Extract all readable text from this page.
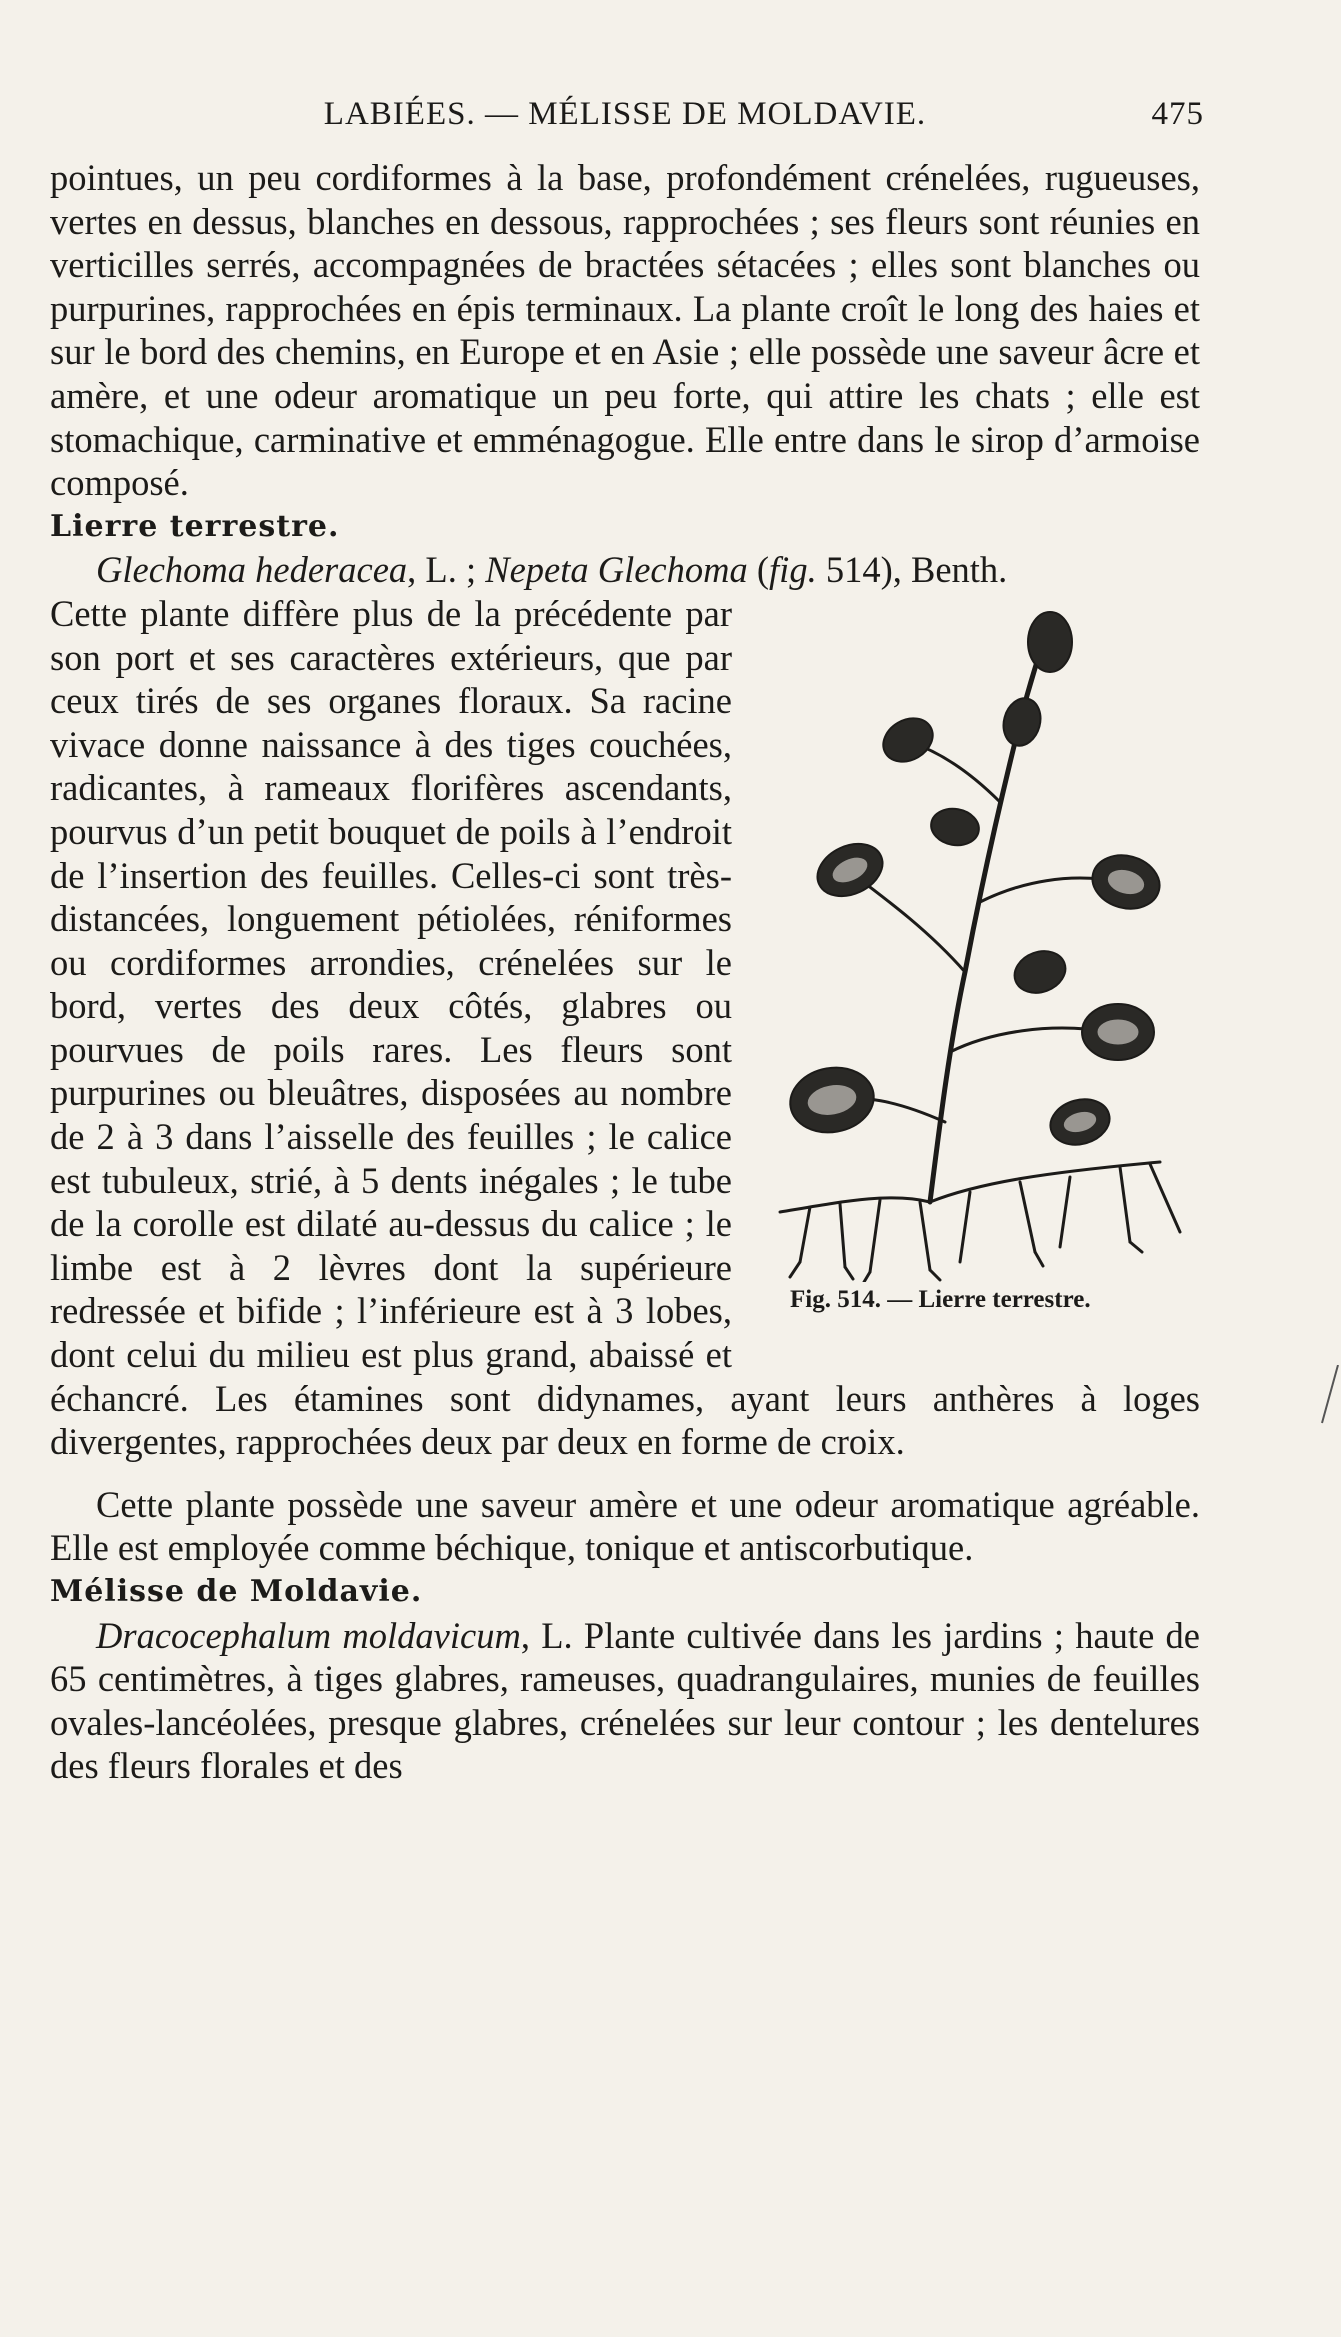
LABIÉES. — MÉLISSE DE MOLDAVIE.	475

pointues, un peu cordiformes à la base, profondément crénelées, rugueuses, vertes en dessus, blanches en dessous, rapprochées ; ses fleurs sont réunies en verticilles serrés, accompagnées de bractées sétacées ; elles sont blanches ou purpurines, rapprochées en épis terminaux. La plante croît le long des haies et sur le bord des chemins, en Europe et en Asie ; elle possède une saveur âcre et amère, et une odeur aromatique un peu forte, qui attire les chats ; elle est stomachique, carminative et emménagogue. Elle entre dans le sirop d’armoise composé.

Lierre terrestre.

Glechoma hederacea, L. ; Nepeta Glechoma (fig. 514), Benth.

Fig. 514. — Lierre terrestre.

Cette plante diffère plus de la précédente par son port et ses caractères extérieurs, que par ceux tirés de ses organes floraux. Sa racine vivace donne naissance à des tiges couchées, radicantes, à rameaux florifères ascendants, pourvus d’un petit bouquet de poils à l’endroit de l’insertion des feuilles. Celles-ci sont très-distancées, longuement pétiolées, réniformes ou cordiformes arrondies, crénelées sur le bord, vertes des deux côtés, glabres ou pourvues de poils rares. Les fleurs sont purpurines ou bleuâtres, disposées au nombre de 2 à 3 dans l’aisselle des feuilles ; le calice est tubuleux, strié, à 5 dents inégales ; le tube de la corolle est dilaté au-dessus du calice ; le limbe est à 2 lèvres dont la supérieure redressée et bifide ; l’inférieure est à 3 lobes, dont celui du milieu est plus grand, abaissé et échancré. Les étamines sont didynames, ayant leurs anthères à loges divergentes, rapprochées deux par deux en forme de croix.

Cette plante possède une saveur amère et une odeur aromatique agréable. Elle est employée comme béchique, tonique et antiscorbutique.

Mélisse de Moldavie.

Dracocephalum moldavicum, L. Plante cultivée dans les jardins ; haute de 65 centimètres, à tiges glabres, rameuses, quadrangulaires, munies de feuilles ovales-lancéolées, presque glabres, crénelées sur leur contour ; les dentelures des fleurs florales et des
